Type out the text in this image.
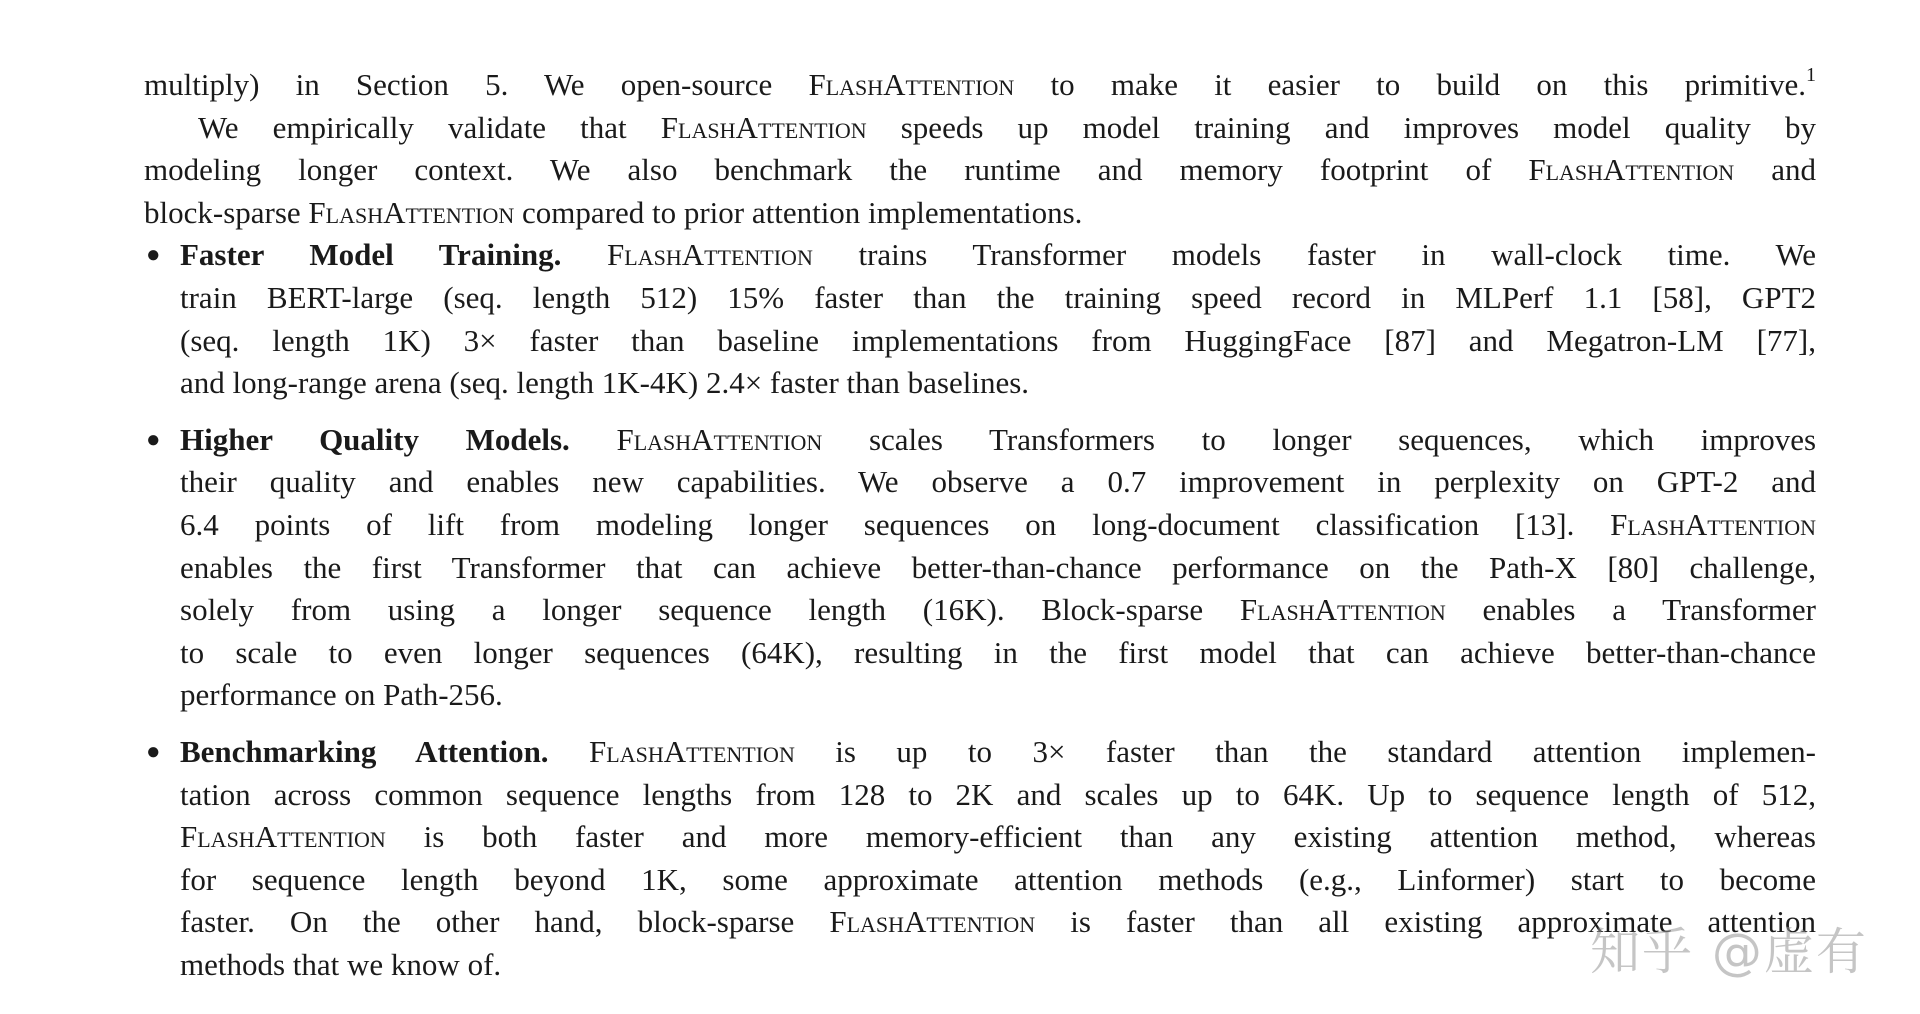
multiply) in Section 5. We open-source FlashAttention to make it easier to build on this primitive.$^1$
We empirically validate that FlashAttention speeds up model training and improves model quality by
modeling longer context. We also benchmark the runtime and memory footprint of FlashAttention and
block-sparse FlashAttention compared to prior attention implementations.
● Faster Model Training. FlashAttention trains Transformer models faster in wall-clock time. We
train BERT-large (seq. length 512) 15% faster than the training speed record in MLPerf 1.1 [58], GPT2
(seq. length 1K) 3× faster than baseline implementations from HuggingFace [87] and Megatron-LM [77],
and long-range arena (seq. length 1K-4K) 2.4× faster than baselines.
● Higher Quality Models. FlashAttention scales Transformers to longer sequences, which improves
their quality and enables new capabilities. We observe a 0.7 improvement in perplexity on GPT-2 and
6.4 points of lift from modeling longer sequences on long-document classification [13]. FlashAttention
enables the first Transformer that can achieve better-than-chance performance on the Path-X [80] challenge,
solely from using a longer sequence length (16K). Block-sparse FlashAttention enables a Transformer
to scale to even longer sequences (64K), resulting in the first model that can achieve better-than-chance
performance on Path-256.
● Benchmarking Attention. FlashAttention is up to 3× faster than the standard attention implemen-
tation across common sequence lengths from 128 to 2K and scales up to 64K. Up to sequence length of 512,
FlashAttention is both faster and more memory-efficient than any existing attention method, whereas
for sequence length beyond 1K, some approximate attention methods (e.g., Linformer) start to become
faster. On the other hand, block-sparse FlashAttention is faster than all existing approximate attention
methods that we know of.	知乎 @虚有
